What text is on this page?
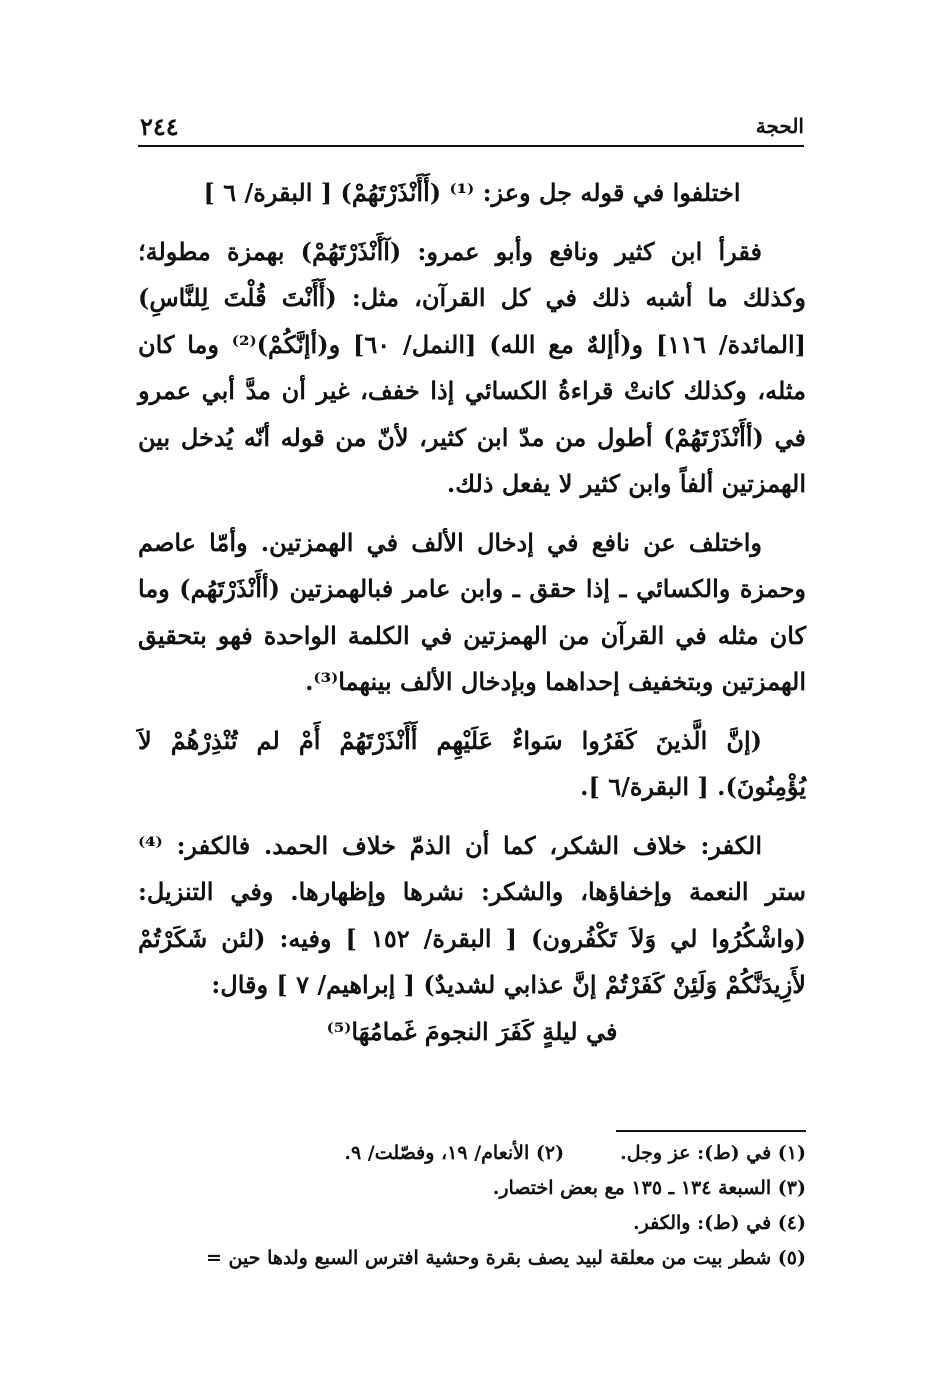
الحجة
٢٤٤

اختلفوا في قوله جل وعز: ⁽¹⁾ (أَأَنْذَرْتَهُمْ) [ البقرة/ ٦ ]

فقرأ ابن كثير ونافع وأبو عمرو: (آأَنْذَرْتَهُمْ) بهمزة مطولة؛ وكذلك ما أشبه ذلك في كل القرآن، مثل: (أَأَنْتَ قُلْتَ لِلنَّاسِ) [المائدة/ ١١٦] و(أإلهٌ مع الله) [النمل/ ٦٠] و(أإنَّكُمْ)⁽²⁾ وما كان مثله، وكذلك كانتْ قراءةُ الكسائي إذا خفف، غير أن مدَّ أبي عمرو في (أأَنْذَرْتَهُمْ) أطول من مدّ ابن كثير، لأنّ من قوله أنّه يُدخل بين الهمزتين ألفاً وابن كثير لا يفعل ذلك.

واختلف عن نافع في إدخال الألف في الهمزتين. وأمّا عاصم وحمزة والكسائي ـ إذا حقق ـ وابن عامر فبالهمزتين (أأَنْذَرْتَهُم) وما كان مثله في القرآن من الهمزتين في الكلمة الواحدة فهو بتحقيق الهمزتين وبتخفيف إحداهما وبإدخال الألف بينهما⁽³⁾.

(إنَّ الَّذينَ كَفَرُوا سَواءٌ عَلَيْهِم أَأَنْذَرْتَهُمْ أَمْ لم تُنْذِرْهُمْ لاَ يُؤْمِنُونَ). [ البقرة/٦ ].

الكفر: خلاف الشكر، كما أن الذمّ خلاف الحمد. فالكفر: ⁽⁴⁾ ستر النعمة وإخفاؤها، والشكر: نشرها وإظهارها. وفي التنزيل: (واشْكُرُوا لي وَلاَ تَكْفُرون) [ البقرة/ ١٥٢ ] وفيه: (لئن شَكَرْتُمْ لأَزِيدَنَّكُمْ وَلَئِنْ كَفَرْتُمْ إنَّ عذابي لشديدٌ) [ إبراهيم/ ٧ ] وقال:

في ليلةٍ كَفَرَ النجومَ غَمامُهَا⁽⁵⁾

(١) في (ط): عز وجل.
(٢) الأنعام/ ١٩، وفصّلت/ ٩.
(٣) السبعة ١٣٤ ـ ١٣٥ مع بعض اختصار.
(٤) في (ط): والكفر.
(٥) شطر بيت من معلقة لبيد يصف بقرة وحشية افترس السبع ولدها حين =
